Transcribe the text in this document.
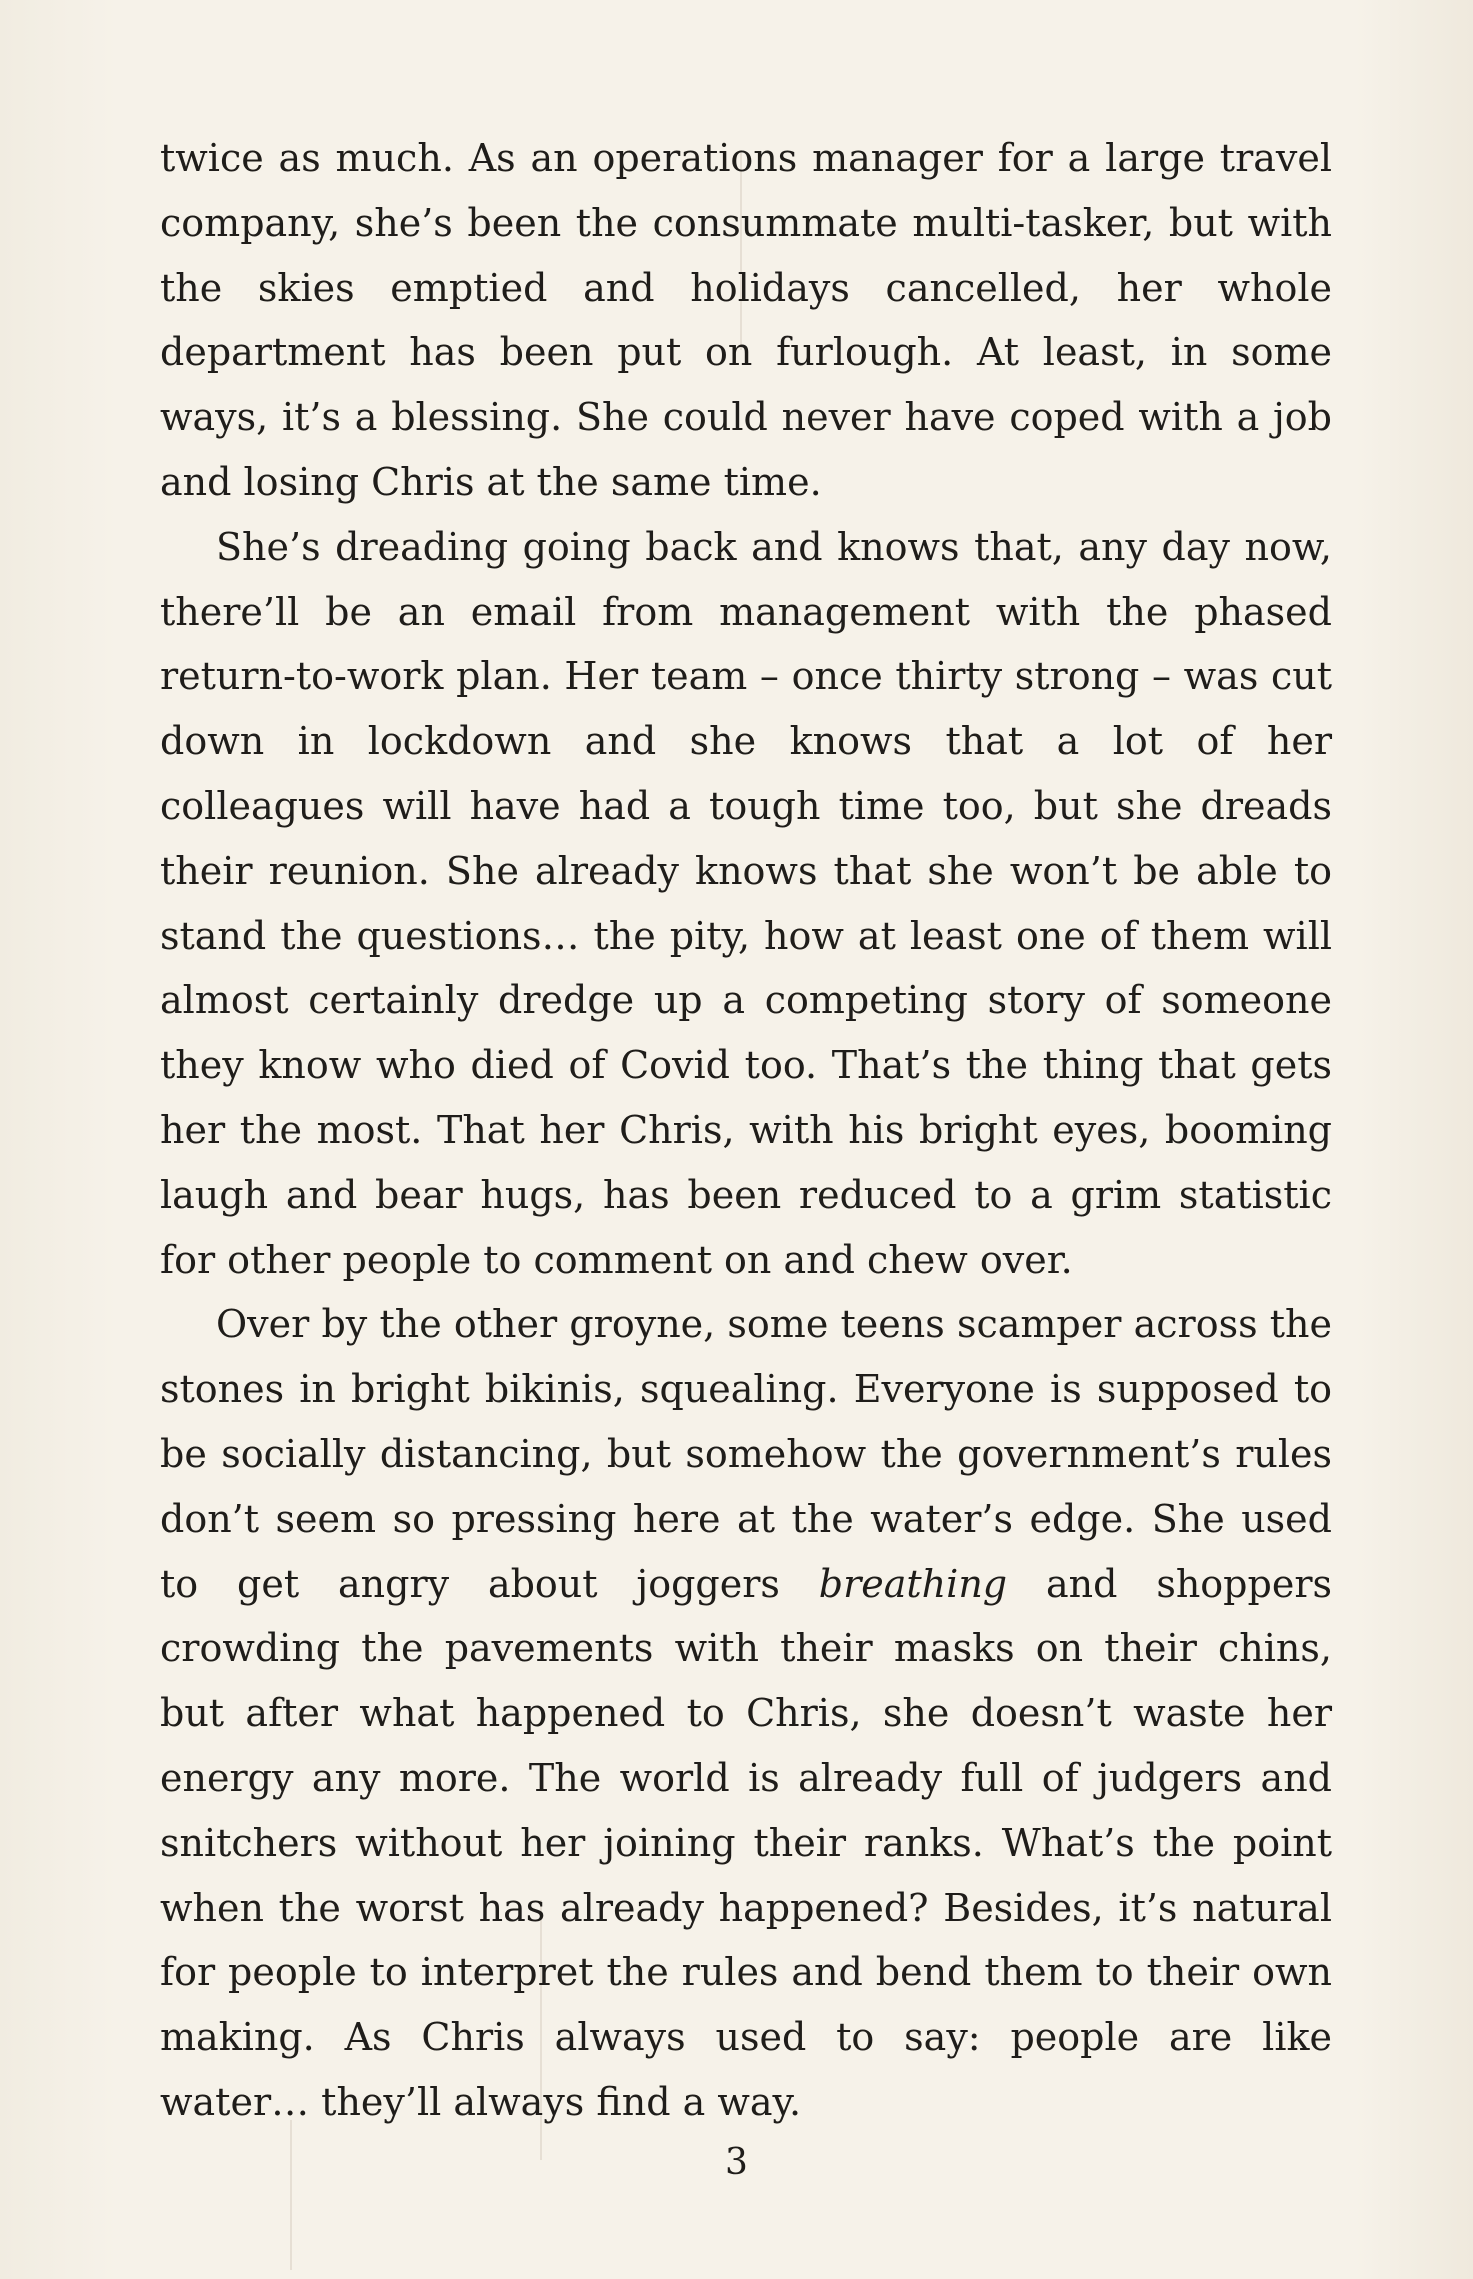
twice as much. As an operations manager for a large travel company, she’s been the consummate multi-tasker, but with the skies emptied and holidays cancelled, her whole department has been put on furlough. At least, in some ways, it’s a blessing. She could never have coped with a job and losing Chris at the same time.

She’s dreading going back and knows that, any day now, there’ll be an email from management with the phased return-to-work plan. Her team – once thirty strong – was cut down in lockdown and she knows that a lot of her colleagues will have had a tough time too, but she dreads their reunion. She already knows that she won’t be able to stand the questions… the pity, how at least one of them will almost certainly dredge up a competing story of someone they know who died of Covid too. That’s the thing that gets her the most. That her Chris, with his bright eyes, booming laugh and bear hugs, has been reduced to a grim statistic for other people to comment on and chew over.

Over by the other groyne, some teens scamper across the stones in bright bikinis, squealing. Everyone is supposed to be socially distancing, but somehow the government’s rules don’t seem so pressing here at the water’s edge. She used to get angry about joggers breathing and shoppers crowding the pavements with their masks on their chins, but after what happened to Chris, she doesn’t waste her energy any more. The world is already full of judgers and snitchers without her joining their ranks. What’s the point when the worst has already happened? Besides, it’s natural for people to interpret the rules and bend them to their own making. As Chris always used to say: people are like water… they’ll always find a way.

3
